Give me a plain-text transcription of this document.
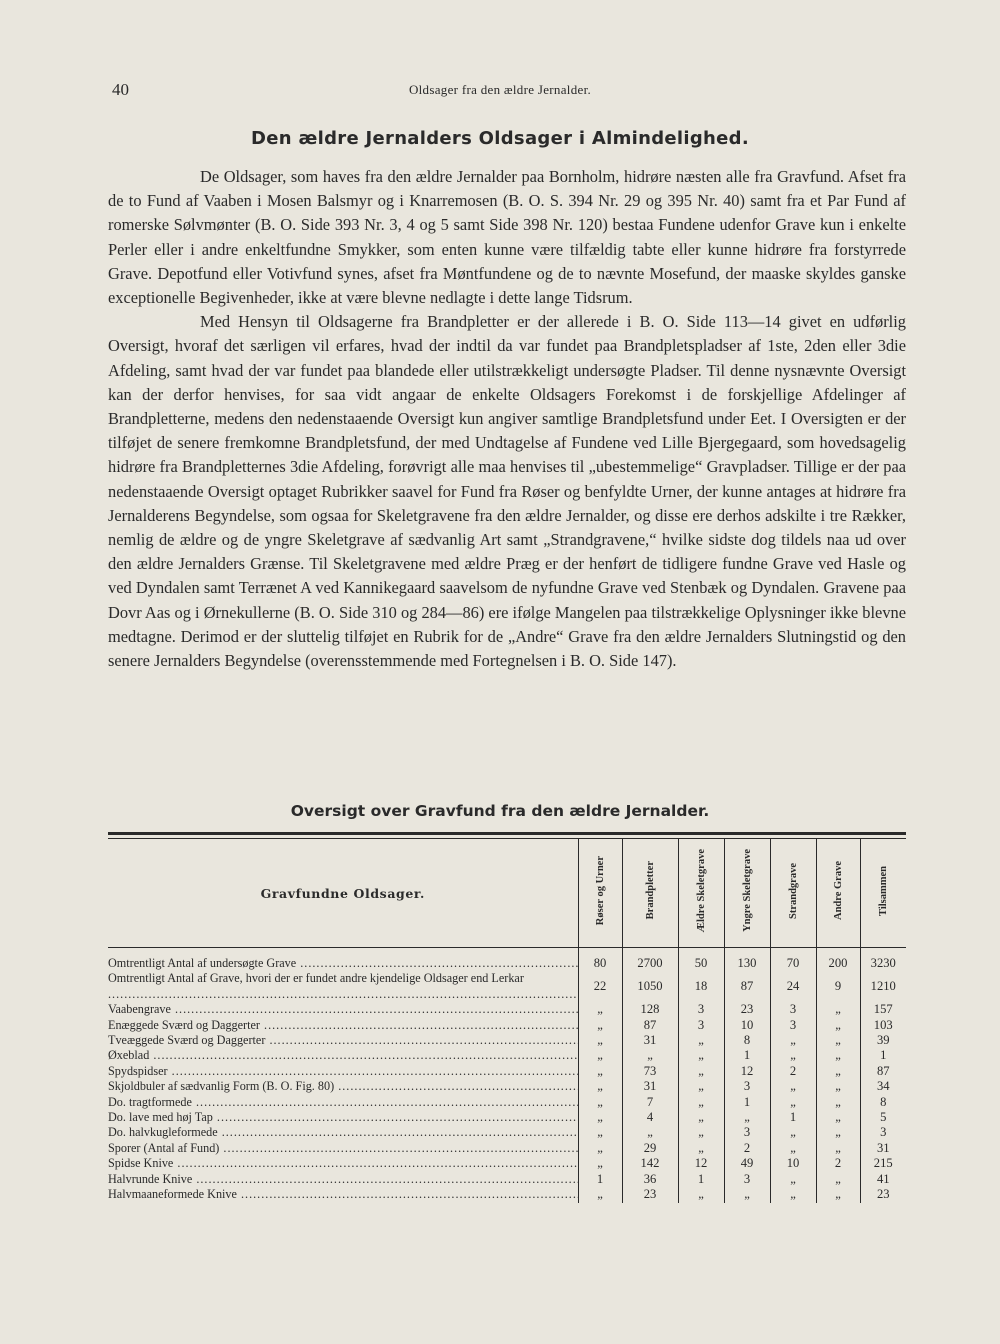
40	Oldsager fra den ældre Jernalder.
Den ældre Jernalders Oldsager i Almindelighed.

De Oldsager, som haves fra den ældre Jernalder paa Bornholm, hidrøre næsten alle fra Gravfund. Afset fra de to Fund af Vaaben i Mosen Balsmyr og i Knarremosen (B. O. S. 394 Nr. 29 og 395 Nr. 40) samt fra et Par Fund af romerske Sølvmønter (B. O. Side 393 Nr. 3, 4 og 5 samt Side 398 Nr. 120) bestaa Fundene udenfor Grave kun i enkelte Perler eller i andre enkeltfundne Smykker, som enten kunne være tilfældig tabte eller kunne hidrøre fra forstyrrede Grave. Depotfund eller Votivfund synes, afset fra Møntfundene og de to nævnte Mosefund, der maaske skyldes ganske exceptionelle Begivenheder, ikke at være blevne nedlagte i dette lange Tidsrum.

Med Hensyn til Oldsagerne fra Brandpletter er der allerede i B. O. Side 113—14 givet en udførlig Oversigt, hvoraf det særligen vil erfares, hvad der indtil da var fundet paa Brandpletspladser af 1ste, 2den eller 3die Afdeling, samt hvad der var fundet paa blandede eller utilstrækkeligt undersøgte Pladser. Til denne nysnævnte Oversigt kan der derfor henvises, for saa vidt angaar de enkelte Oldsagers Forekomst i de forskjellige Afdelinger af Brandpletterne, medens den nedenstaaende Oversigt kun angiver samtlige Brandpletsfund under Eet. I Oversigten er der tilføjet de senere fremkomne Brandpletsfund, der med Undtagelse af Fundene ved Lille Bjergegaard, som hovedsagelig hidrøre fra Brandpletternes 3die Afdeling, forøvrigt alle maa henvises til „ubestemmelige“ Gravpladser. Tillige er der paa nedenstaaende Oversigt optaget Rubrikker saavel for Fund fra Røser og benfyldte Urner, der kunne antages at hidrøre fra Jernalderens Begyndelse, som ogsaa for Skeletgravene fra den ældre Jernalder, og disse ere derhos adskilte i tre Rækker, nemlig de ældre og de yngre Skeletgrave af sædvanlig Art samt „Strandgravene,“ hvilke sidste dog tildels naa ud over den ældre Jernalders Grænse. Til Skeletgravene med ældre Præg er der henført de tidligere fundne Grave ved Hasle og ved Dyndalen samt Terrænet A ved Kannikegaard saavelsom de nyfundne Grave ved Stenbæk og Dyndalen. Gravene paa Dovr Aas og i Ørnekullerne (B. O. Side 310 og 284—86) ere ifølge Mangelen paa tilstrækkelige Oplysninger ikke blevne medtagne. Derimod er der sluttelig tilføjet en Rubrik for de „Andre“ Grave fra den ældre Jernalders Slutningstid og den senere Jernalders Begyndelse (overensstemmende med Fortegnelsen i B. O. Side 147).

Oversigt over Gravfund fra den ældre Jernalder.
Gravfundne Oldsager.	Røser og Urner	Brandpletter	Ældre Skeletgrave	Yngre Skeletgrave	Strandgrave	Andre Grave	Tilsammen

Omtrentligt Antal af undersøgte Grave .....	80	2700	50	130	70	200	3230
Omtrentligt Antal af Grave, hvori der er fundet andre kjendelige Oldsager end Lerkar .....	22	1050	18	87	24	9	1210
Vaabengrave .....	„	128	3	23	3	„	157
Enæggede Sværd og Daggerter .....	„	87	3	10	3	„	103
Tveæggede Sværd og Daggerter .....	„	31	„	8	„	„	39
Øxeblad .....	„	„	„	1	„	„	1
Spydspidser .....	„	73	„	12	2	„	87
Skjoldbuler af sædvanlig Form (B. O. Fig. 80) .....	„	31	„	3	„	„	34
Do. tragtformede .....	„	7	„	1	„	„	8
Do. lave med høj Tap .....	„	4	„	„	1	„	5
Do. halvkugleformede .....	„	„	„	3	„	„	3
Sporer (Antal af Fund) .....	„	29	„	2	„	„	31
Spidse Knive .....	„	142	12	49	10	2	215
Halvrunde Knive .....	1	36	1	3	„	„	41
Halvmaaneformede Knive .....	„	23	„	„	„	„	23
